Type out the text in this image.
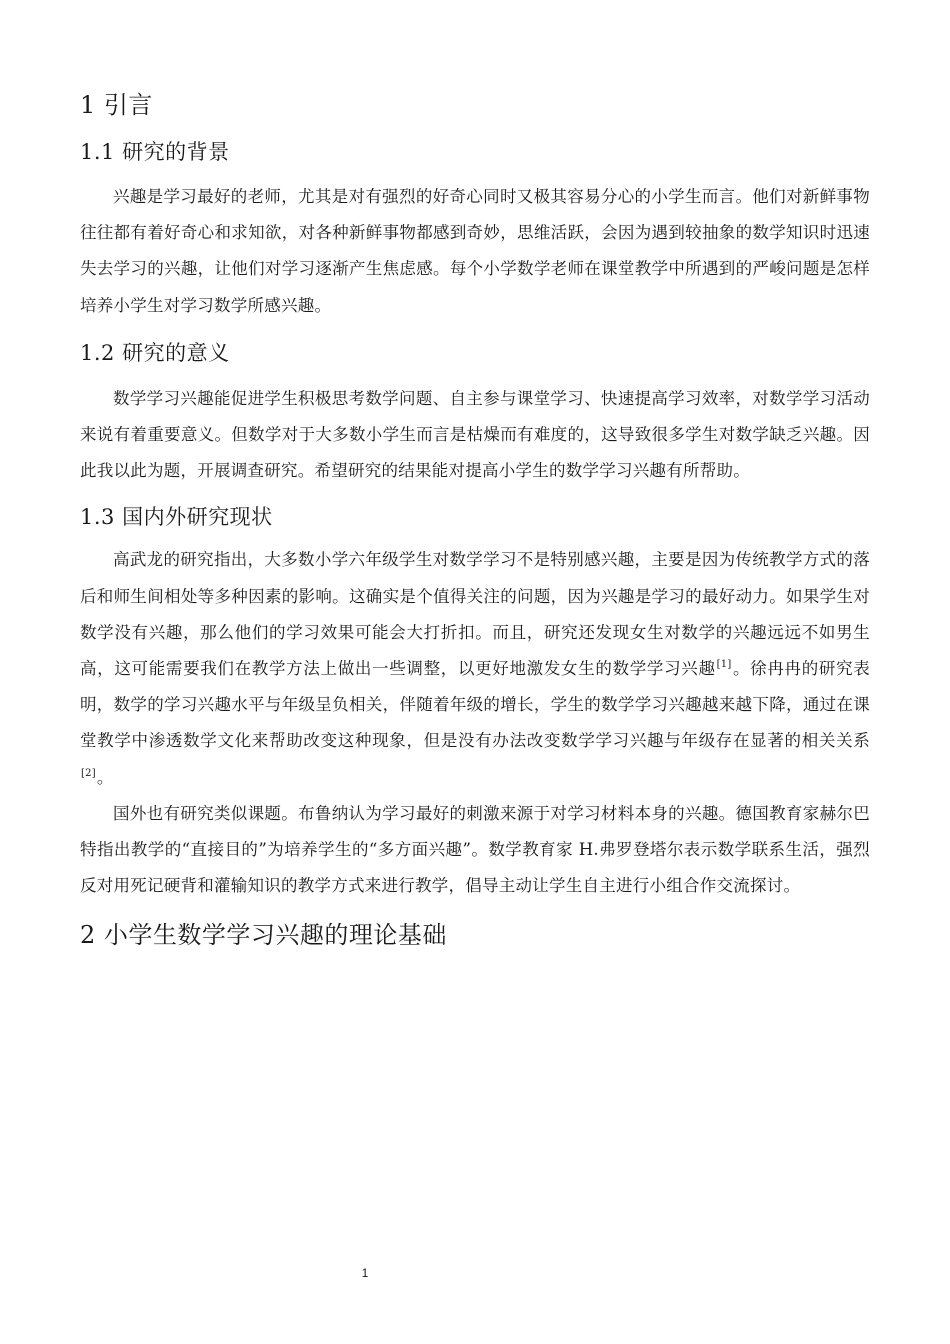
1 引言
1.1 研究的背景

兴趣是学习最好的老师，尤其是对有强烈的好奇心同时又极其容易分心的小学生而言。他们对新鲜事物往往都有着好奇心和求知欲，对各种新鲜事物都感到奇妙，思维活跃，会因为遇到较抽象的数学知识时迅速失去学习的兴趣，让他们对学习逐渐产生焦虑感。每个小学数学老师在课堂教学中所遇到的严峻问题是怎样培养小学生对学习数学所感兴趣。

1.2 研究的意义

数学学习兴趣能促进学生积极思考数学问题、自主参与课堂学习、快速提高学习效率，对数学学习活动来说有着重要意义。但数学对于大多数小学生而言是枯燥而有难度的，这导致很多学生对数学缺乏兴趣。因此我以此为题，开展调查研究。希望研究的结果能对提高小学生的数学学习兴趣有所帮助。

1.3 国内外研究现状

高武龙的研究指出，大多数小学六年级学生对数学学习不是特别感兴趣，主要是因为传统教学方式的落后和师生间相处等多种因素的影响。这确实是个值得关注的问题，因为兴趣是学习的最好动力。如果学生对数学没有兴趣，那么他们的学习效果可能会大打折扣。而且，研究还发现女生对数学的兴趣远远不如男生高，这可能需要我们在教学方法上做出一些调整，以更好地激发女生的数学学习兴趣[1]。徐冉冉的研究表明，数学的学习兴趣水平与年级呈负相关，伴随着年级的增长，学生的数学学习兴趣越来越下降，通过在课堂教学中渗透数学文化来帮助改变这种现象，但是没有办法改变数学学习兴趣与年级存在显著的相关关系[2]。

国外也有研究类似课题。布鲁纳认为学习最好的刺激来源于对学习材料本身的兴趣。德国教育家赫尔巴特指出教学的“直接目的”为培养学生的“多方面兴趣”。数学教育家 H.弗罗登塔尔表示数学联系生活，强烈反对用死记硬背和灌输知识的教学方式来进行教学，倡导主动让学生自主进行小组合作交流探讨。

2 小学生数学学习兴趣的理论基础
1
